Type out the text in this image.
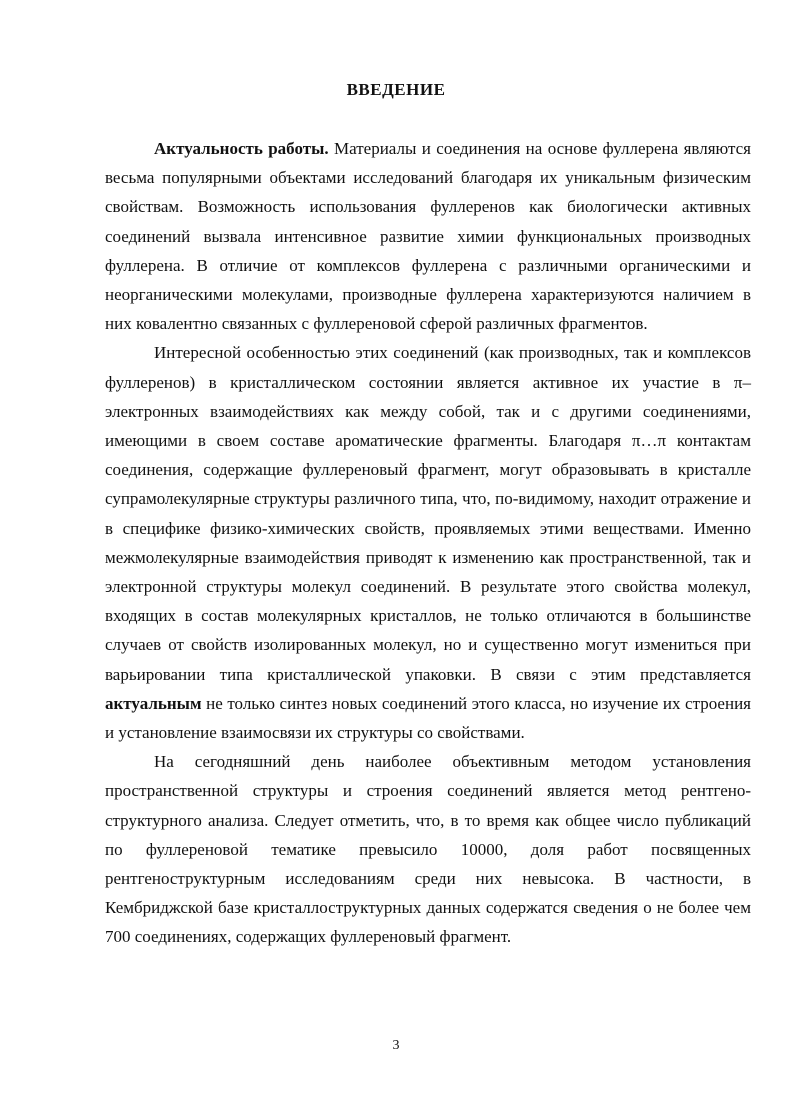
ВВЕДЕНИЕ

Актуальность работы. Материалы и соединения на основе фуллерена являются весьма популярными объектами исследований благодаря их уникальным физическим свойствам. Возможность использования фуллеренов как биологически активных соединений вызвала интенсивное развитие химии функциональных производных фуллерена. В отличие от комплексов фуллерена с различными органическими и неорганическими молекулами, производные фуллерена характеризуются наличием в них ковалентно связанных с фуллереновой сферой различных фрагментов.

Интересной особенностью этих соединений (как производных, так и комплексов фуллеренов) в кристаллическом состоянии является активное их участие в π–электронных взаимодействиях как между собой, так и с другими соединениями, имеющими в своем составе ароматические фрагменты. Благодаря π…π контактам соединения, содержащие фуллереновый фрагмент, могут образовывать в кристалле супрамолекулярные структуры различного типа, что, по-видимому, находит отражение и в специфике физико-химических свойств, проявляемых этими веществами. Именно межмолекулярные взаимодействия приводят к изменению как пространственной, так и электронной структуры молекул соединений. В результате этого свойства молекул, входящих в состав молекулярных кристаллов, не только отличаются в большинстве случаев от свойств изолированных молекул, но и существенно могут измениться при варьировании типа кристаллической упаковки. В связи с этим представляется актуальным не только синтез новых соединений этого класса, но изучение их строения и установление взаимосвязи их структуры со свойствами.

На сегодняшний день наиболее объективным методом установления пространственной структуры и строения соединений является метод рентгено-структурного анализа. Следует отметить, что, в то время как общее число публикаций по фуллереновой тематике превысило 10000, доля работ посвященных рентгеноструктурным исследованиям среди них невысока. В частности, в Кембриджской базе кристаллоструктурных данных содержатся сведения о не более чем 700 соединениях, содержащих фуллереновый фрагмент.

3
